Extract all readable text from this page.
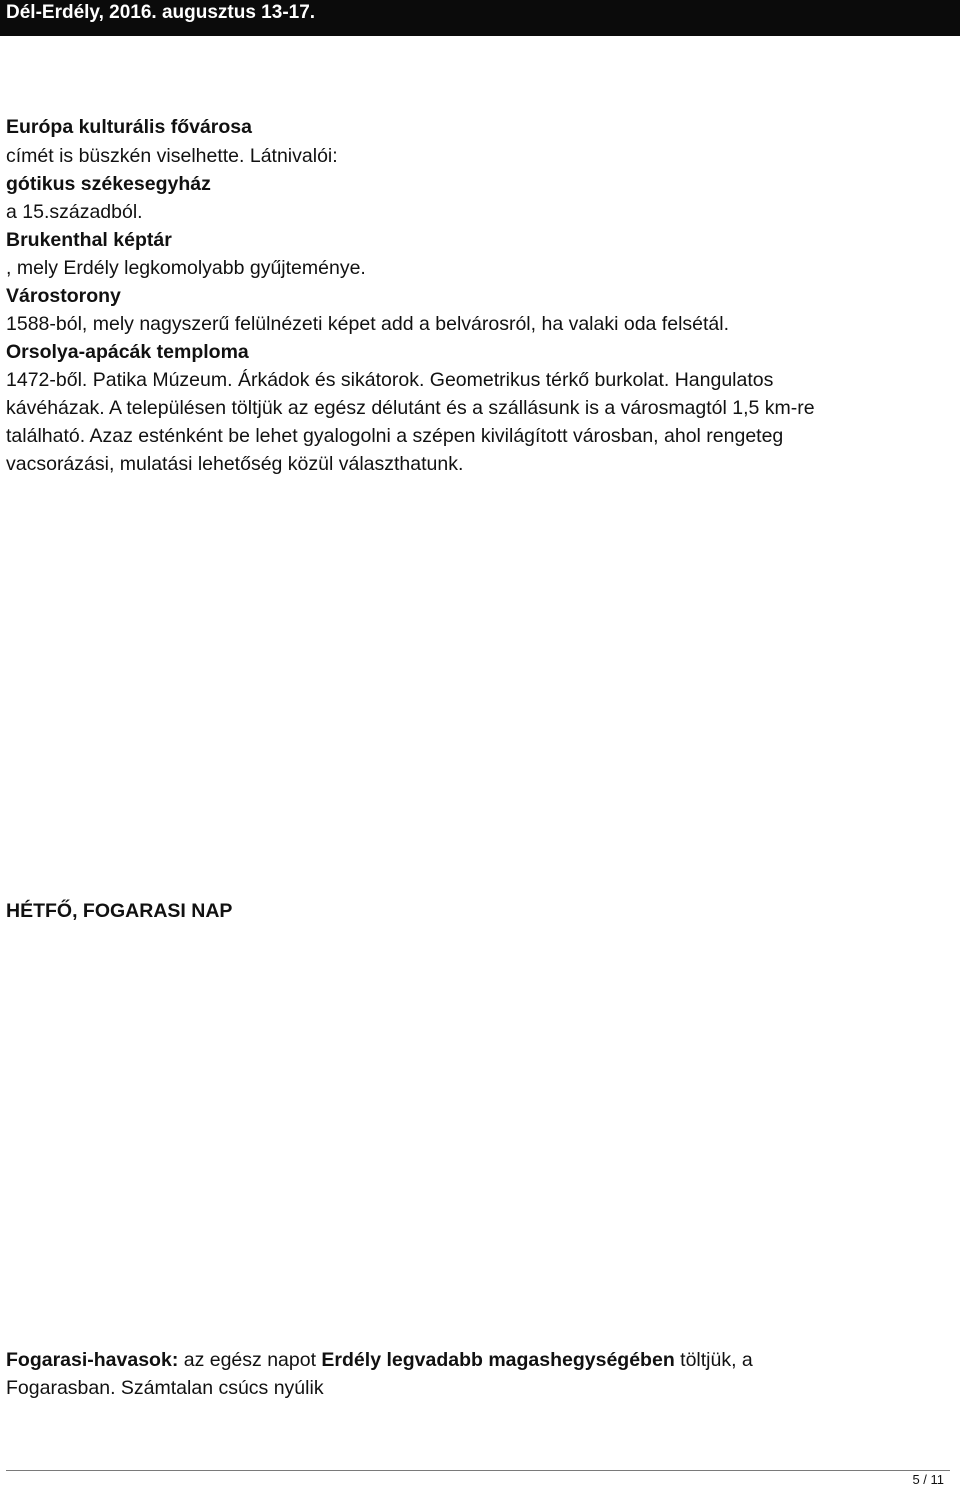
Dél-Erdély, 2016. augusztus 13-17.
Európa kulturális fővárosa
címét is büszkén viselhette. Látnivalói:
gótikus székesegyház
a 15.századból.
Brukenthal képtár
, mely Erdély legkomolyabb gyűjteménye.
Várostorony
1588-ból, mely nagyszerű felülnézeti képet add a belvárosról, ha valaki oda felsétál.
Orsolya-apácák temploma
1472-ből. Patika Múzeum. Árkádok és sikátorok. Geometrikus térkő burkolat. Hangulatos
kávéházak. A településen töltjük az egész délutánt és a szállásunk is a városmagtól 1,5 km-re
található. Azaz esténként be lehet gyalogolni a szépen kivilágított városban, ahol rengeteg
vacsorázási, mulatási lehetőség közül választhatunk.
HÉTFŐ, FOGARASI NAP
Fogarasi-havasok: az egész napot Erdély legvadabb magashegységében töltjük, a
Fogarasban. Számtalan csúcs nyúlik
5 / 11
